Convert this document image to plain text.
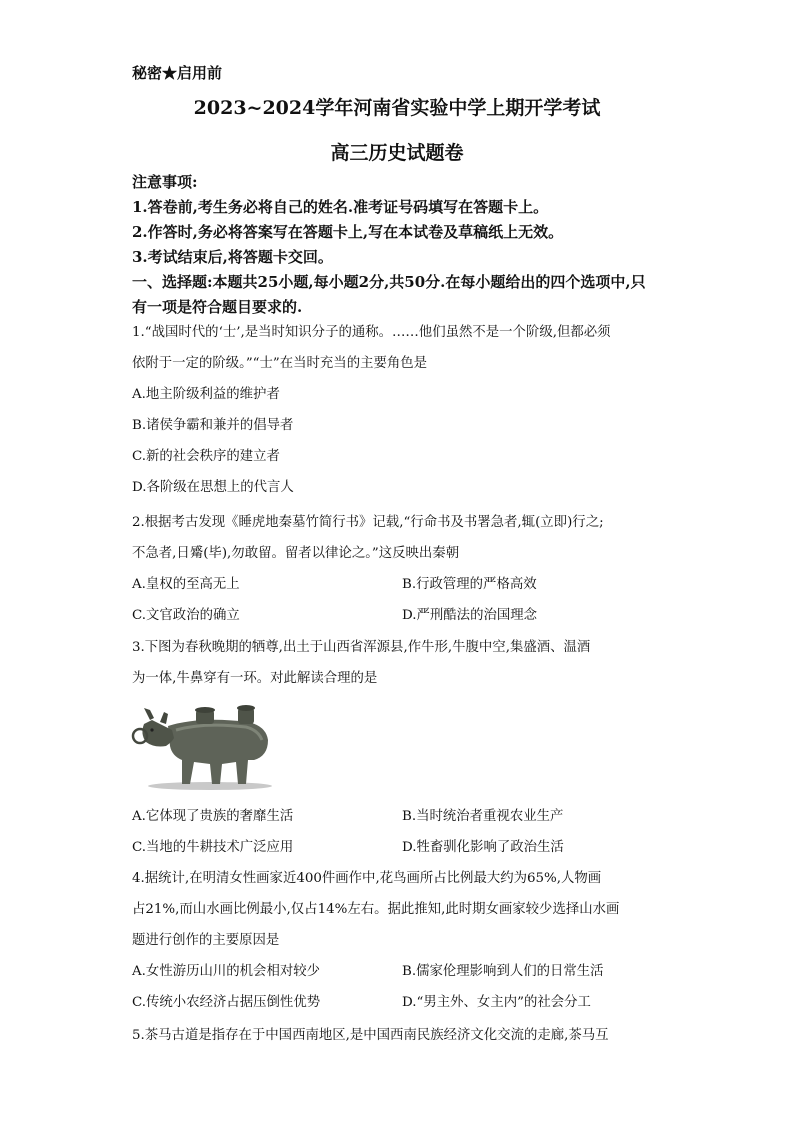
秘密★启用前
2023~2024学年河南省实验中学上期开学考试
高三历史试题卷
注意事项:
1.答卷前,考生务必将自己的姓名.准考证号码填写在答题卡上。
2.作答时,务必将答案写在答题卡上,写在本试卷及草稿纸上无效。
3.考试结束后,将答题卡交回。
一、选择题:本题共25小题,每小题2分,共50分.在每小题给出的四个选项中,只
有一项是符合题目要求的.
1.“战国时代的‘士’,是当时知识分子的通称。……他们虽然不是一个阶级,但都必须
依附于一定的阶级。”“士”在当时充当的主要角色是
A.地主阶级利益的维护者
B.诸侯争霸和兼并的倡导者
C.新的社会秩序的建立者
D.各阶级在思想上的代言人
2.根据考古发现《睡虎地秦墓竹简行书》记载,“行命书及书署急者,辄(立即)行之;
不急者,日觱(毕),勿敢留。留者以律论之。”这反映出秦朝
A.皇权的至高无上	B.行政管理的严格高效
C.文官政治的确立	D.严刑酷法的治国理念
3.下图为春秋晚期的牺尊,出土于山西省浑源县,作牛形,牛腹中空,集盛酒、温酒
为一体,牛鼻穿有一环。对此解读合理的是
A.它体现了贵族的奢靡生活	B.当时统治者重视农业生产
C.当地的牛耕技术广泛应用	D.牲畜驯化影响了政治生活
4.据统计,在明清女性画家近400件画作中,花鸟画所占比例最大约为65%,人物画
占21%,而山水画比例最小,仅占14%左右。据此推知,此时期女画家较少选择山水画
题进行创作的主要原因是
A.女性游历山川的机会相对较少	B.儒家伦理影响到人们的日常生活
C.传统小农经济占据压倒性优势	D.“男主外、女主内”的社会分工
5.茶马古道是指存在于中国西南地区,是中国西南民族经济文化交流的走廊,茶马互
